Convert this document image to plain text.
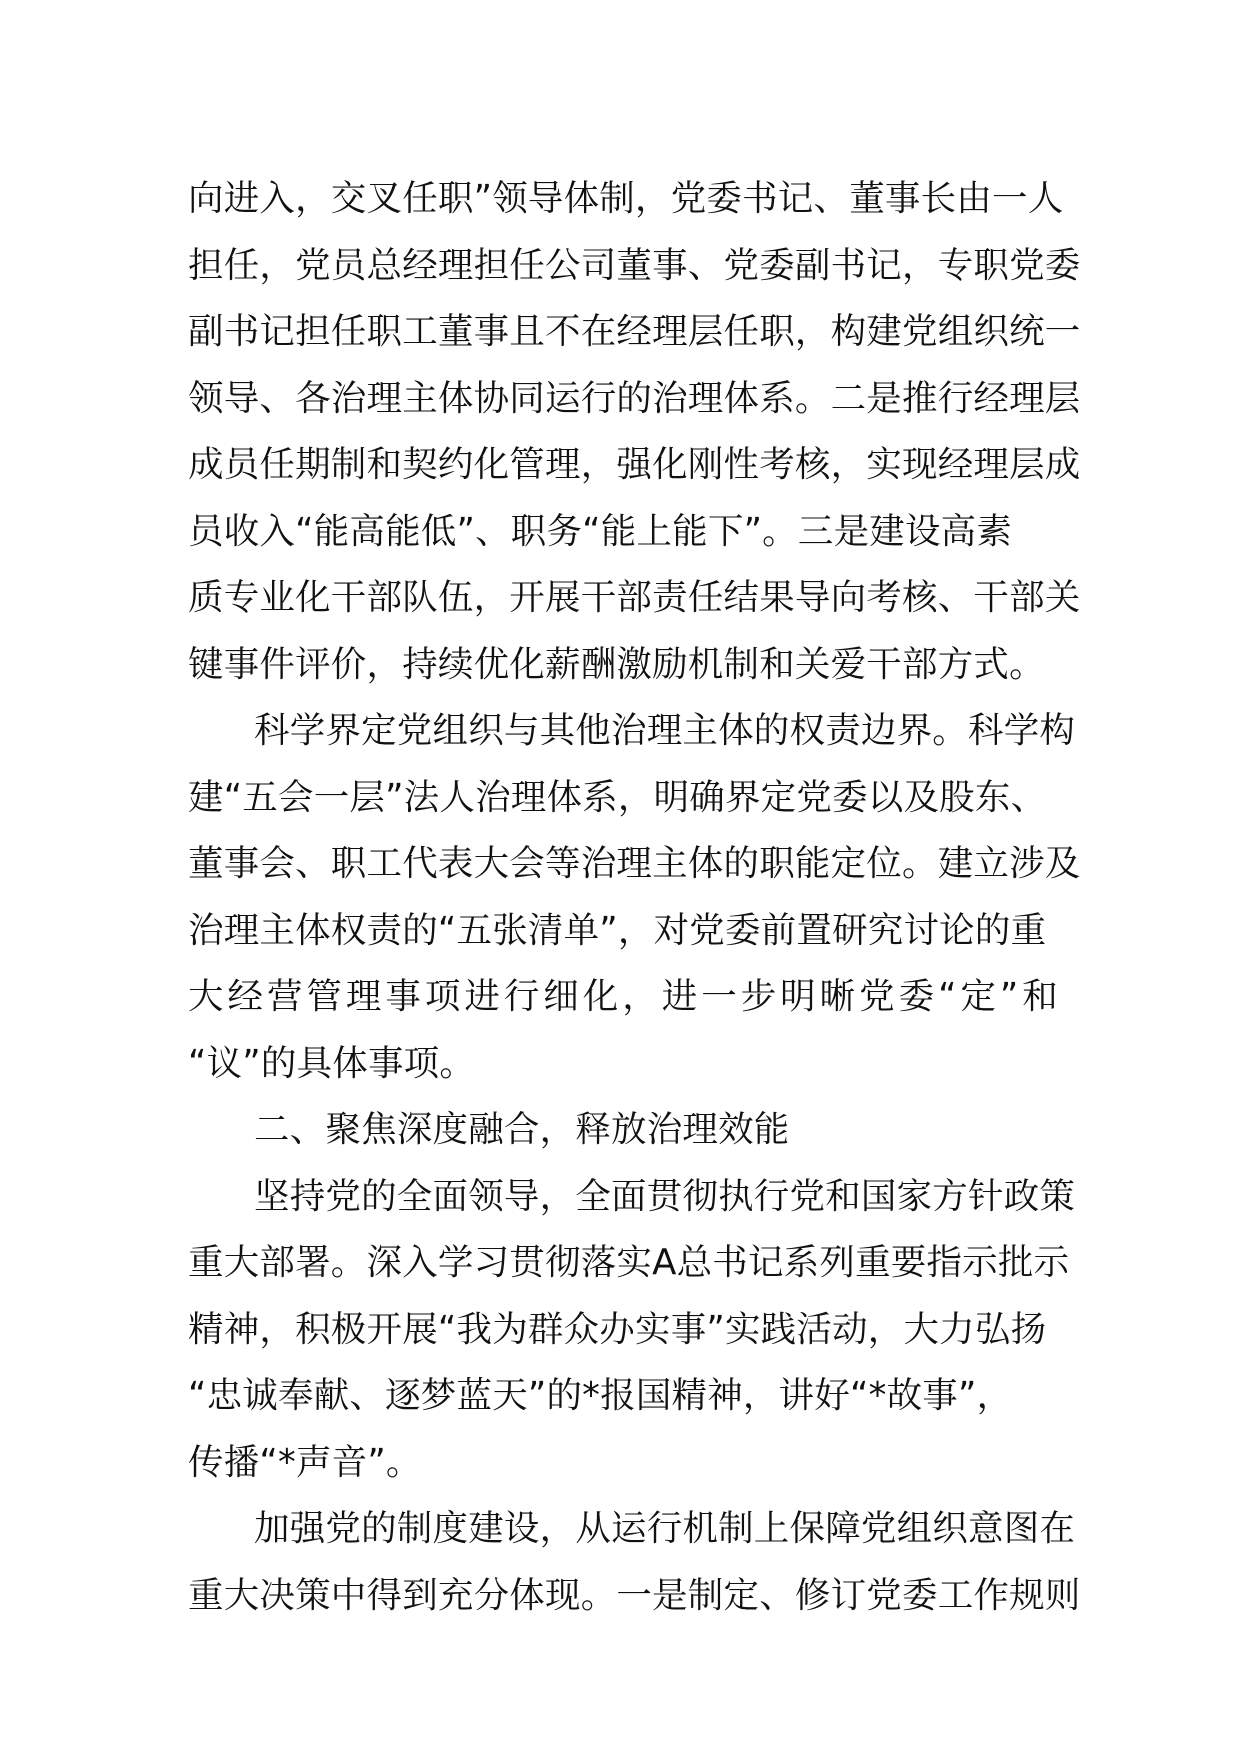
向进入，交叉任职”领导体制，党委书记、董事长由一人
担任，党员总经理担任公司董事、党委副书记，专职党委
副书记担任职工董事且不在经理层任职，构建党组织统一
领导、各治理主体协同运行的治理体系。二是推行经理层
成员任期制和契约化管理，强化刚性考核，实现经理层成
员收入“能高能低”、职务“能上能下”。三是建设高素
质专业化干部队伍，开展干部责任结果导向考核、干部关
键事件评价，持续优化薪酬激励机制和关爱干部方式。
科学界定党组织与其他治理主体的权责边界。科学构
建“五会一层”法人治理体系，明确界定党委以及股东、
董事会、职工代表大会等治理主体的职能定位。建立涉及
治理主体权责的“五张清单”，对党委前置研究讨论的重
大经营管理事项进行细化，进一步明晰党委“定”和
“议”的具体事项。
二、聚焦深度融合，释放治理效能
坚持党的全面领导，全面贯彻执行党和国家方针政策
重大部署。深入学习贯彻落实A总书记系列重要指示批示
精神，积极开展“我为群众办实事”实践活动，大力弘扬
“忠诚奉献、逐梦蓝天”的*报国精神，讲好“*故事”，
传播“*声音”。
加强党的制度建设，从运行机制上保障党组织意图在
重大决策中得到充分体现。一是制定、修订党委工作规则
